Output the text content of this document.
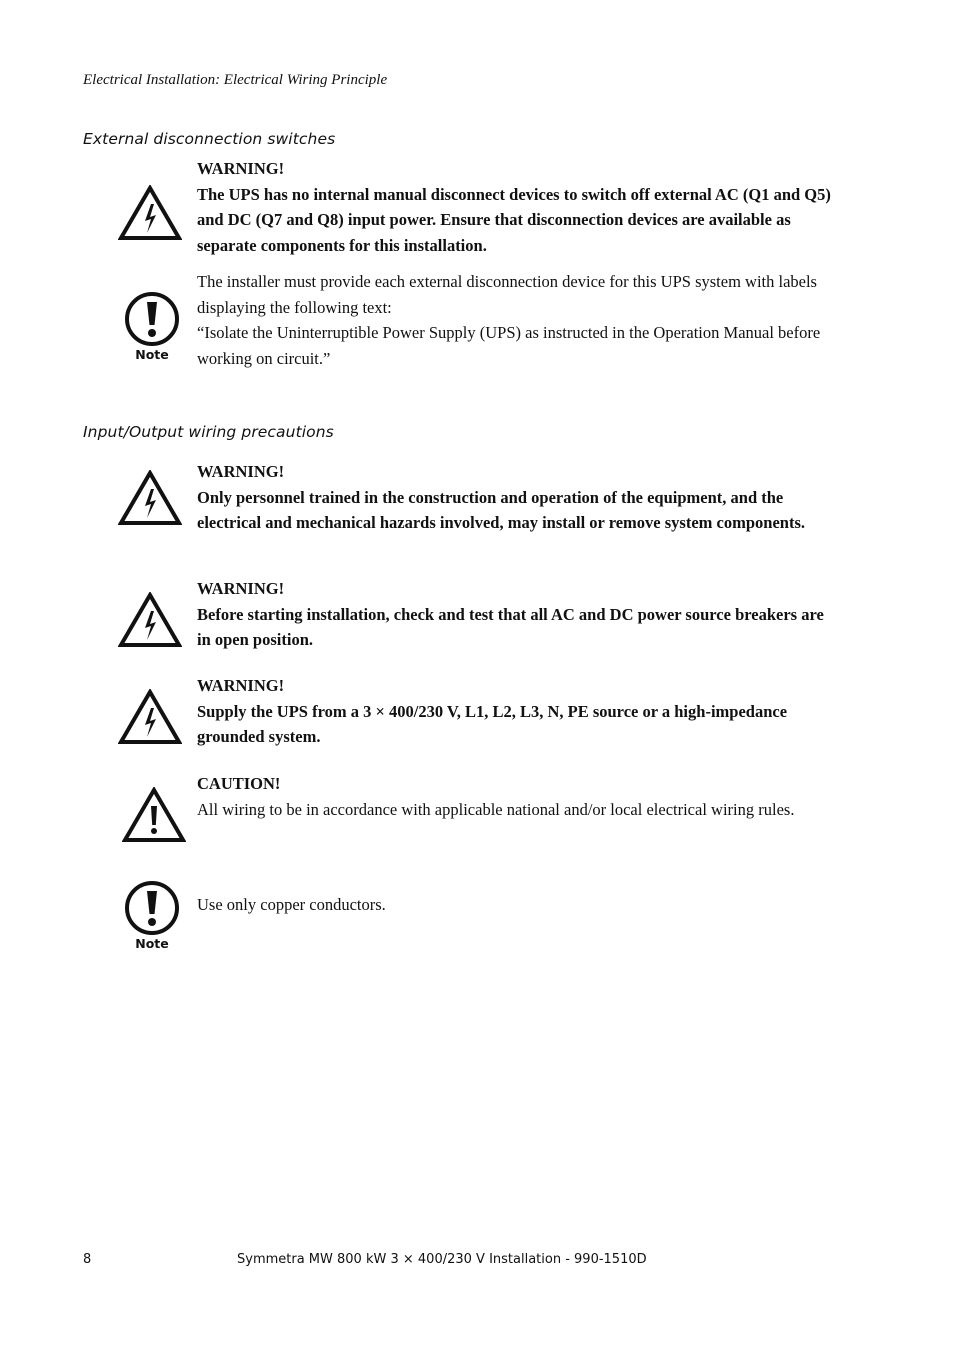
Electrical Installation: Electrical Wiring Principle
External disconnection switches
WARNING!
The UPS has no internal manual disconnect devices to switch off external AC (Q1 and Q5) and DC (Q7 and Q8) input power. Ensure that disconnection devices are available as separate components for this installation.
Note
The installer must provide each external disconnection device for this UPS system with labels displaying the following text:
“Isolate the Uninterruptible Power Supply (UPS) as instructed in the Operation Manual before working on circuit.”
Input/Output wiring precautions
WARNING!
Only personnel trained in the construction and operation of the equipment, and the electrical and mechanical hazards involved, may install or remove system components.
WARNING!
Before starting installation, check and test that all AC and DC power source breakers are in open position.
WARNING!
Supply the UPS from a 3 × 400/230 V, L1, L2, L3, N, PE source or a high-impedance grounded system.
CAUTION!
All wiring to be in accordance with applicable national and/or local electrical wiring rules.
Note
Use only copper conductors.
8	Symmetra MW 800 kW 3 × 400/230 V Installation - 990-1510D
